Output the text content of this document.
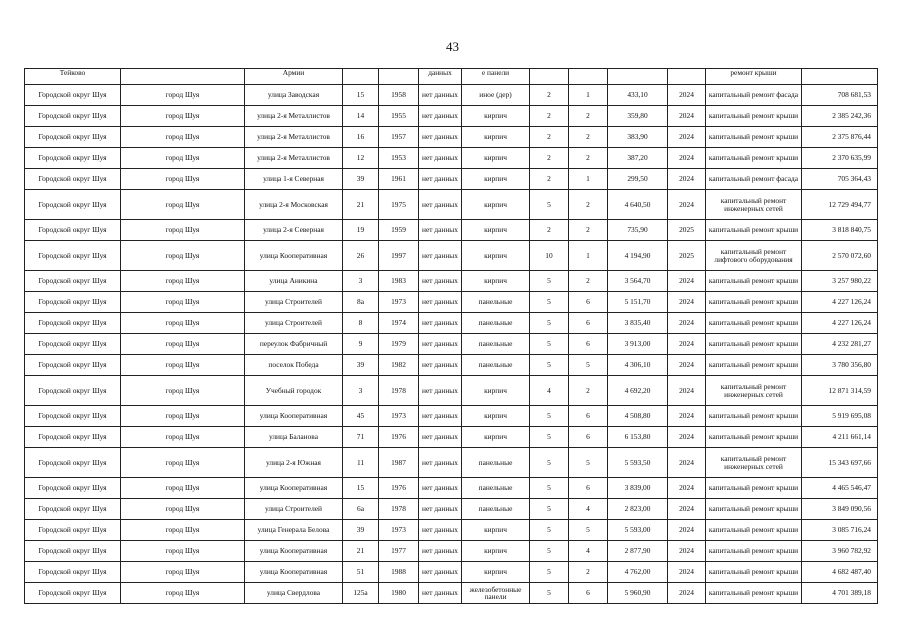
43
Тейково		Армии			данных	е панели					ремонт крыши	
Городской округ Шуя	город Шуя	улица Заводская	15	1958	нет данных	иное (дер)	2	1	433,10	2024	капитальный ремонт фасада	708 681,53
Городской округ Шуя	город Шуя	улица 2-я Металлистов	14	1955	нет данных	кирпич	2	2	359,80	2024	капитальный ремонт крыши	2 385 242,36
Городской округ Шуя	город Шуя	улица 2-я Металлистов	16	1957	нет данных	кирпич	2	2	383,90	2024	капитальный ремонт крыши	2 375 876,44
Городской округ Шуя	город Шуя	улица 2-я Металлистов	12	1953	нет данных	кирпич	2	2	387,20	2024	капитальный ремонт крыши	2 370 635,99
Городской округ Шуя	город Шуя	улица 1-я Северная	39	1961	нет данных	кирпич	2	1	299,50	2024	капитальный ремонт фасада	705 364,43
Городской округ Шуя	город Шуя	улица 2-я Московская	21	1975	нет данных	кирпич	5	2	4 640,50	2024	капитальный ремонт инженерных сетей	12 729 494,77
Городской округ Шуя	город Шуя	улица 2-я Северная	19	1959	нет данных	кирпич	2	2	735,90	2025	капитальный ремонт крыши	3 818 840,75
Городской округ Шуя	город Шуя	улица Кооперативная	26	1997	нет данных	кирпич	10	1	4 194,90	2025	капитальный ремонт лифтового оборудования	2 570 072,60
Городской округ Шуя	город Шуя	улица Аникина	3	1983	нет данных	кирпич	5	2	3 564,70	2024	капитальный ремонт крыши	3 257 980,22
Городской округ Шуя	город Шуя	улица Строителей	8а	1973	нет данных	панельные	5	6	5 151,70	2024	капитальный ремонт крыши	4 227 126,24
Городской округ Шуя	город Шуя	улица Строителей	8	1974	нет данных	панельные	5	6	3 835,40	2024	капитальный ремонт крыши	4 227 126,24
Городской округ Шуя	город Шуя	переулок Фабричный	9	1979	нет данных	панельные	5	6	3 913,00	2024	капитальный ремонт крыши	4 232 281,27
Городской округ Шуя	город Шуя	поселок Победа	39	1982	нет данных	панельные	5	5	4 306,10	2024	капитальный ремонт крыши	3 780 356,80
Городской округ Шуя	город Шуя	Учебный городок	3	1978	нет данных	кирпич	4	2	4 692,20	2024	капитальный ремонт инженерных сетей	12 871 314,59
Городской округ Шуя	город Шуя	улица Кооперативная	45	1973	нет данных	кирпич	5	6	4 508,80	2024	капитальный ремонт крыши	5 919 695,08
Городской округ Шуя	город Шуя	улица Баланова	71	1976	нет данных	кирпич	5	6	6 153,80	2024	капитальный ремонт крыши	4 211 661,14
Городской округ Шуя	город Шуя	улица 2-я Южная	11	1987	нет данных	панельные	5	5	5 593,50	2024	капитальный ремонт инженерных сетей	15 343 697,66
Городской округ Шуя	город Шуя	улица Кооперативная	15	1976	нет данных	панельные	5	6	3 839,00	2024	капитальный ремонт крыши	4 465 546,47
Городской округ Шуя	город Шуя	улица Строителей	6а	1978	нет данных	панельные	5	4	2 823,00	2024	капитальный ремонт крыши	3 849 090,56
Городской округ Шуя	город Шуя	улица Генерала Белова	39	1973	нет данных	кирпич	5	5	5 593,00	2024	капитальный ремонт крыши	3 085 716,24
Городской округ Шуя	город Шуя	улица Кооперативная	21	1977	нет данных	кирпич	5	4	2 877,90	2024	капитальный ремонт крыши	3 960 782,92
Городской округ Шуя	город Шуя	улица Кооперативная	51	1988	нет данных	кирпич	5	2	4 762,00	2024	капитальный ремонт крыши	4 682 487,40
Городской округ Шуя	город Шуя	улица Свердлова	125а	1980	нет данных	железобетонные панели	5	6	5 960,90	2024	капитальный ремонт крыши	4 701 389,18
